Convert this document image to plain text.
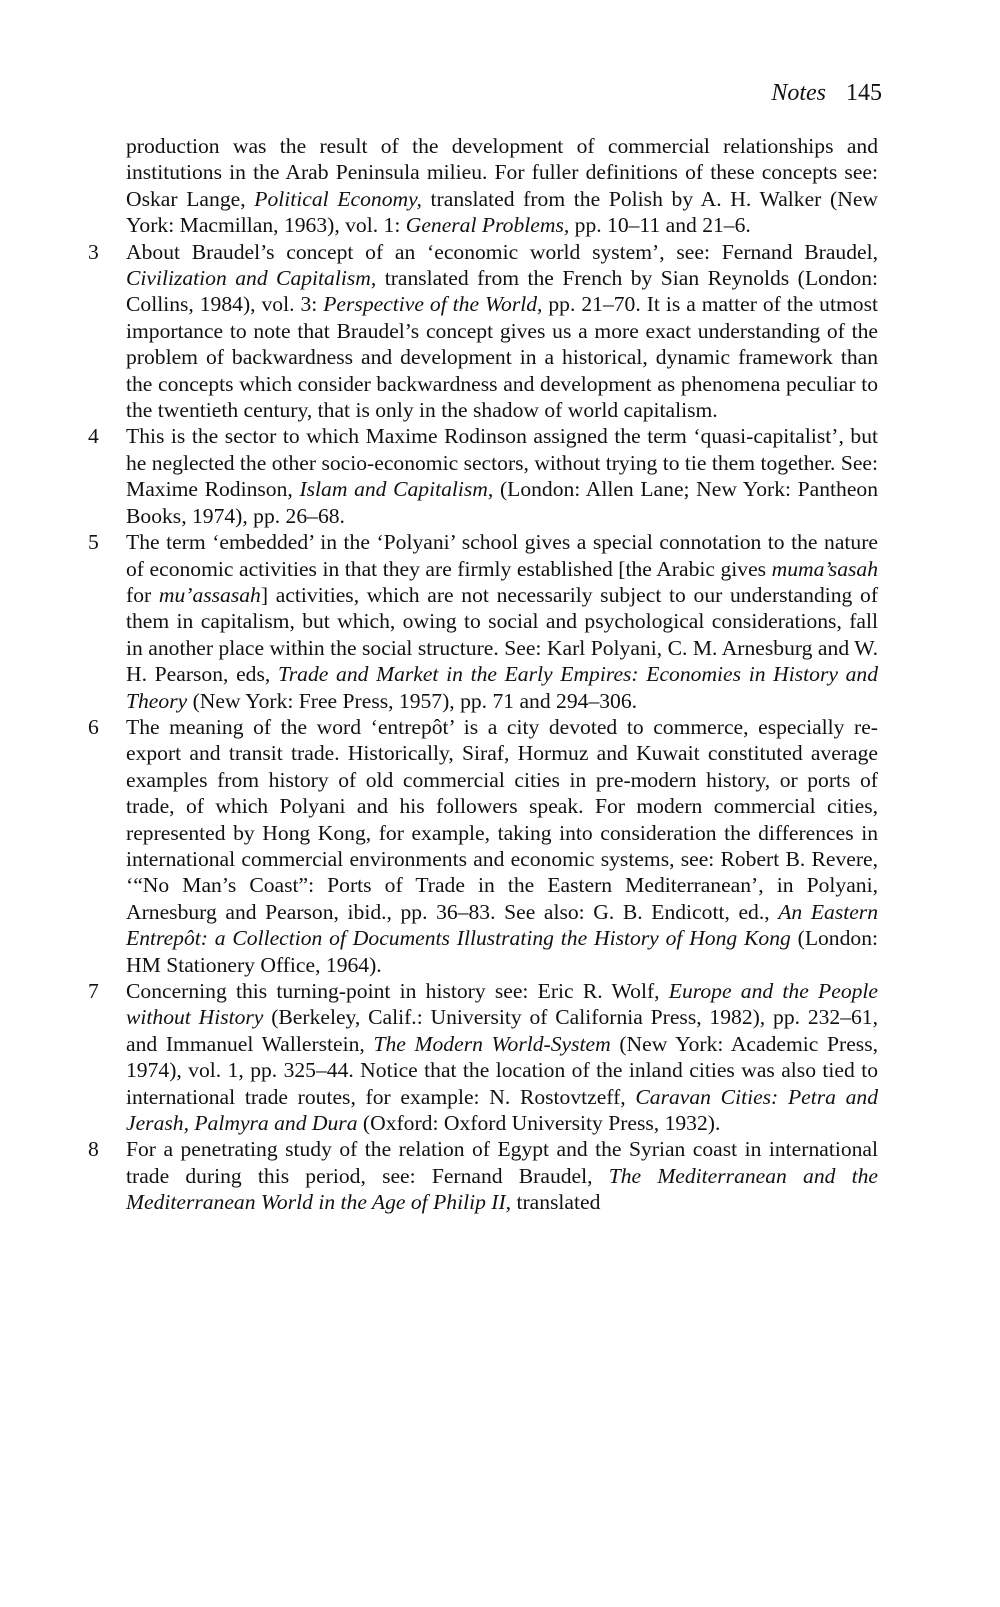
Notes 145

production was the result of the development of commercial relationships and institutions in the Arab Peninsula milieu. For fuller definitions of these concepts see: Oskar Lange, Political Economy, translated from the Polish by A. H. Walker (New York: Macmillan, 1963), vol. 1: General Problems, pp. 10–11 and 21–6.

3	About Braudel’s concept of an ‘economic world system’, see: Fernand Braudel, Civilization and Capitalism, translated from the French by Sian Reynolds (London: Collins, 1984), vol. 3: Perspective of the World, pp. 21–70. It is a matter of the utmost importance to note that Braudel’s concept gives us a more exact understanding of the problem of backwardness and development in a historical, dynamic framework than the concepts which consider backwardness and development as phenomena peculiar to the twentieth century, that is only in the shadow of world capitalism.

4	This is the sector to which Maxime Rodinson assigned the term ‘quasi-capitalist’, but he neglected the other socio-economic sectors, without trying to tie them together. See: Maxime Rodinson, Islam and Capitalism, (London: Allen Lane; New York: Pantheon Books, 1974), pp. 26–68.

5	The term ‘embedded’ in the ‘Polyani’ school gives a special connotation to the nature of economic activities in that they are firmly established [the Arabic gives muma’sasah for mu’assasah] activities, which are not necessarily subject to our understanding of them in capitalism, but which, owing to social and psychological considerations, fall in another place within the social structure. See: Karl Polyani, C. M. Arnesburg and W. H. Pearson, eds, Trade and Market in the Early Empires: Economies in History and Theory (New York: Free Press, 1957), pp. 71 and 294–306.

6	The meaning of the word ‘entrepôt’ is a city devoted to commerce, especially re-export and transit trade. Historically, Siraf, Hormuz and Kuwait constituted average examples from history of old commercial cities in pre-modern history, or ports of trade, of which Polyani and his followers speak. For modern commercial cities, represented by Hong Kong, for example, taking into consideration the differences in international commercial environments and economic systems, see: Robert B. Revere, ‘“No Man’s Coast”: Ports of Trade in the Eastern Mediterranean’, in Polyani, Arnesburg and Pearson, ibid., pp. 36–83. See also: G. B. Endicott, ed., An Eastern Entrepôt: a Collection of Documents Illustrating the History of Hong Kong (London: HM Stationery Office, 1964).

7	Concerning this turning-point in history see: Eric R. Wolf, Europe and the People without History (Berkeley, Calif.: University of California Press, 1982), pp. 232–61, and Immanuel Wallerstein, The Modern World-System (New York: Academic Press, 1974), vol. 1, pp. 325–44. Notice that the location of the inland cities was also tied to international trade routes, for example: N. Rostovtzeff, Caravan Cities: Petra and Jerash, Palmyra and Dura (Oxford: Oxford University Press, 1932).

8	For a penetrating study of the relation of Egypt and the Syrian coast in international trade during this period, see: Fernand Braudel, The Mediterranean and the Mediterranean World in the Age of Philip II, translated
